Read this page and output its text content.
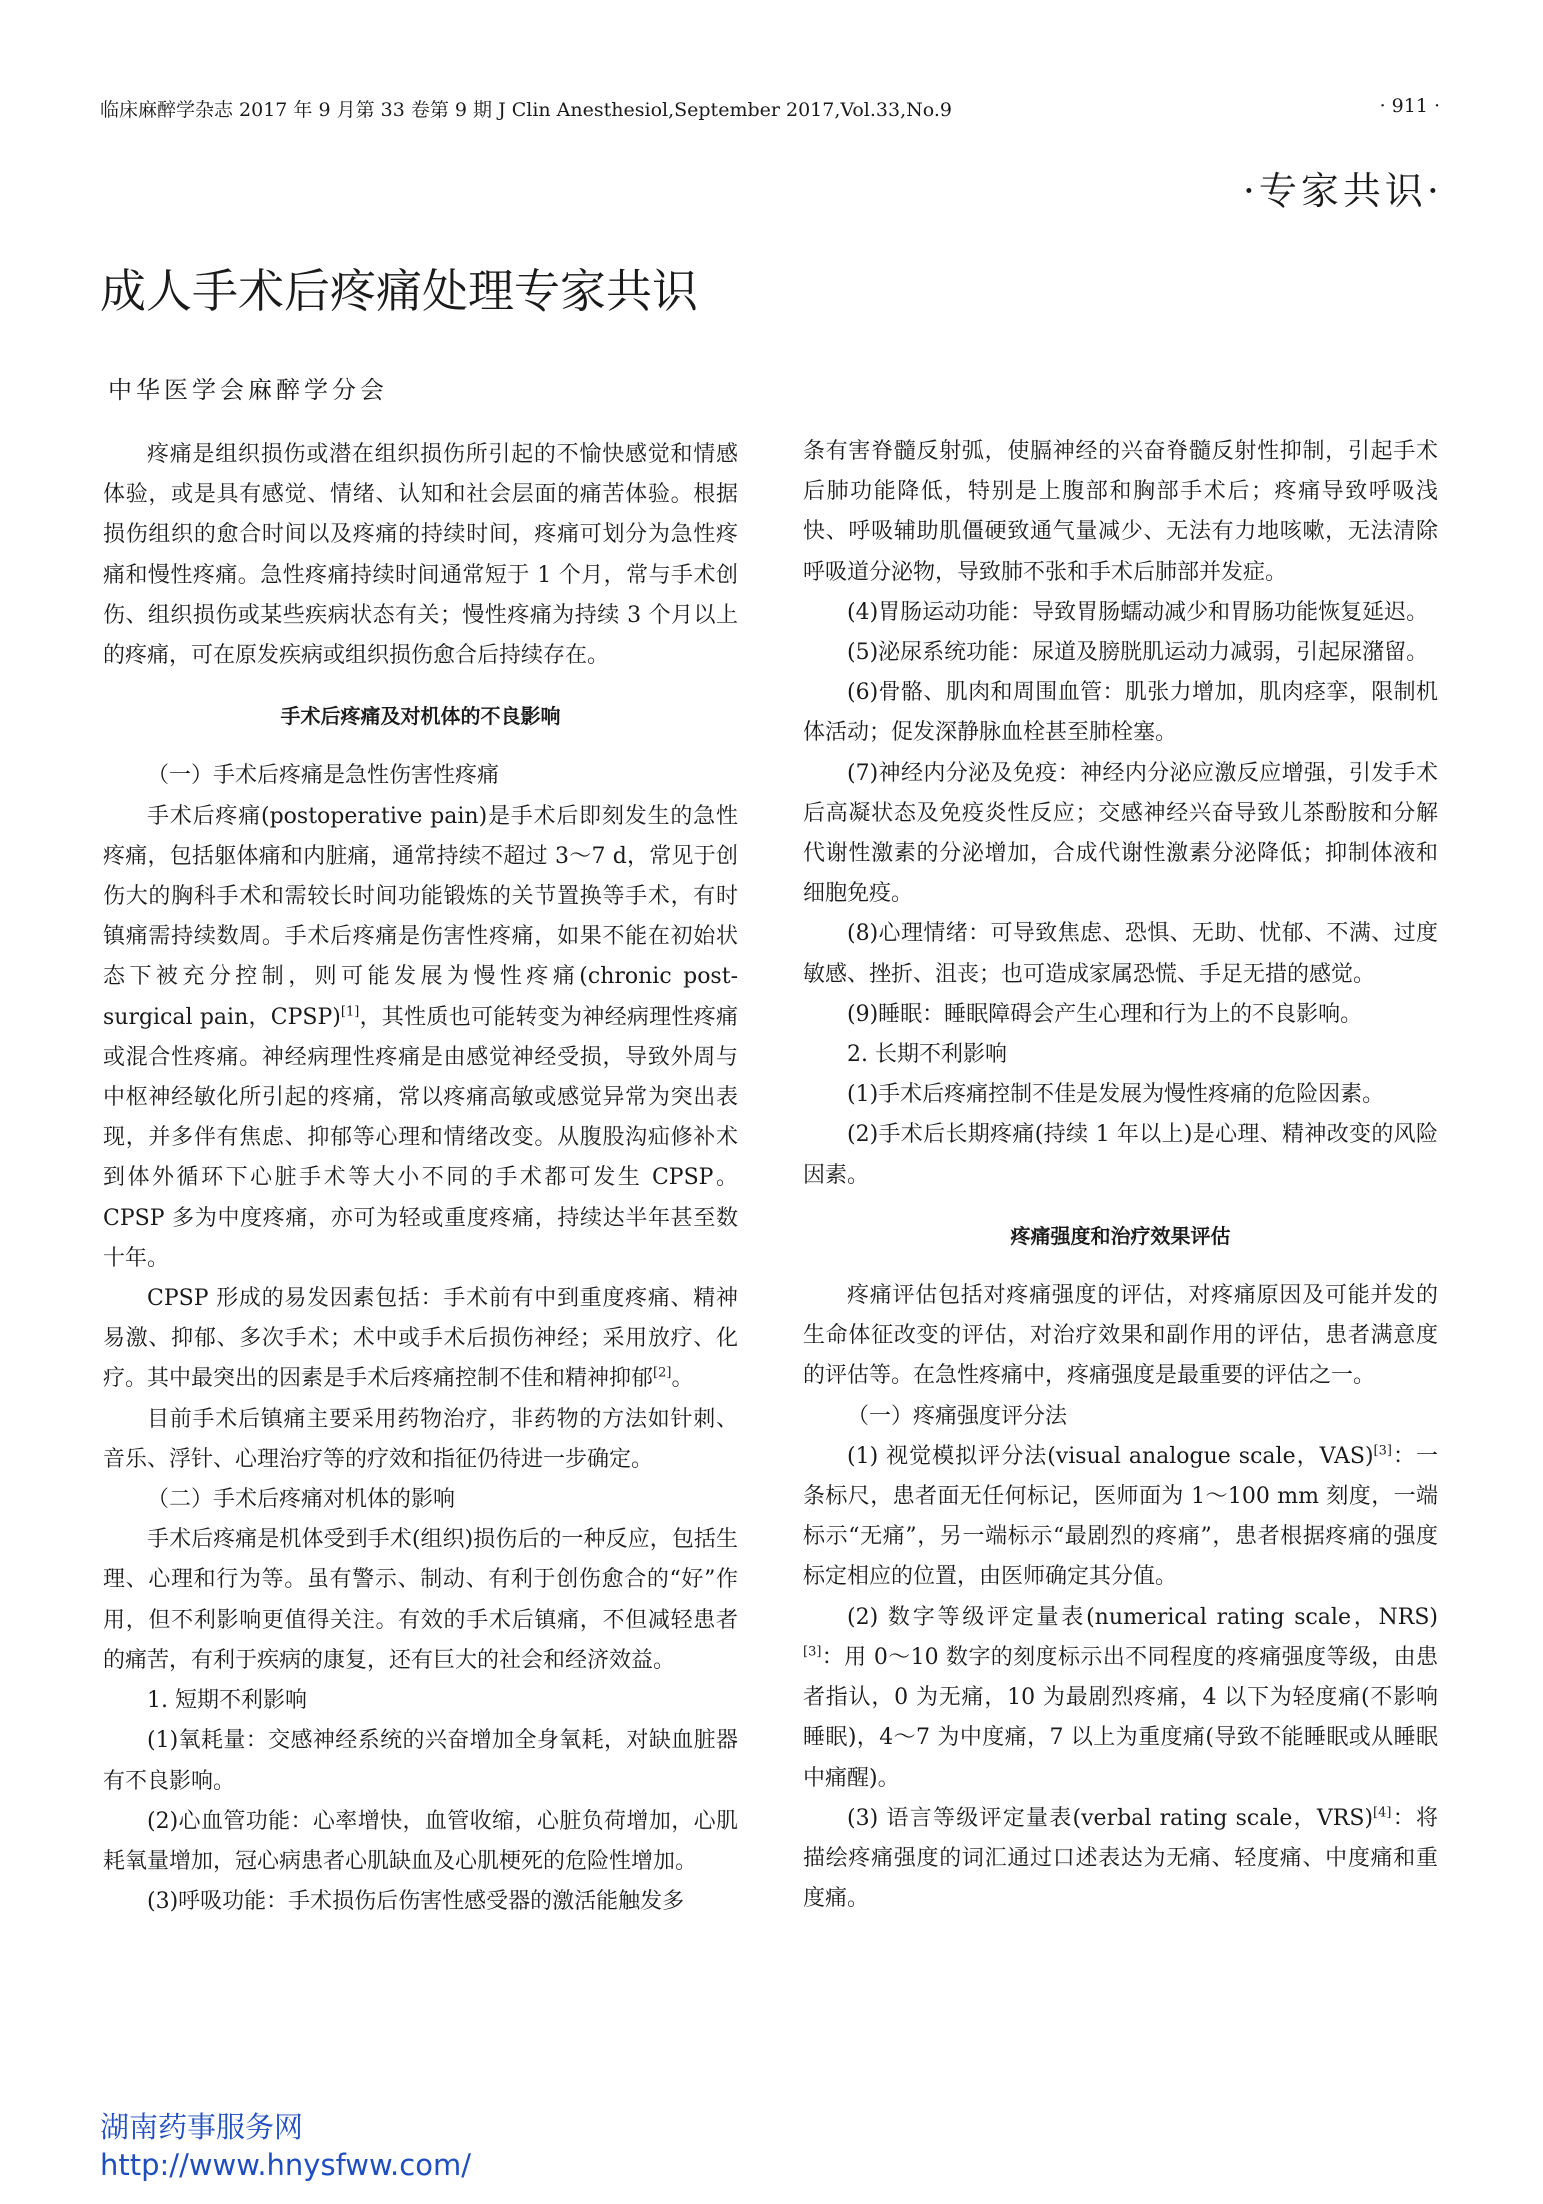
临床麻醉学杂志 2017 年 9 月第 33 卷第 9 期 J Clin Anesthesiol,September 2017,Vol.33,No.9	· 911 ·
·专家共识·
成人手术后疼痛处理专家共识
中华医学会麻醉学分会

疼痛是组织损伤或潜在组织损伤所引起的不愉快感觉和情感体验，或是具有感觉、情绪、认知和社会层面的痛苦体验。根据损伤组织的愈合时间以及疼痛的持续时间，疼痛可划分为急性疼痛和慢性疼痛。急性疼痛持续时间通常短于 1 个月，常与手术创伤、组织损伤或某些疾病状态有关；慢性疼痛为持续 3 个月以上的疼痛，可在原发疾病或组织损伤愈合后持续存在。

手术后疼痛及对机体的不良影响

（一）手术后疼痛是急性伤害性疼痛

手术后疼痛(postoperative pain)是手术后即刻发生的急性疼痛，包括躯体痛和内脏痛，通常持续不超过 3～7 d，常见于创伤大的胸科手术和需较长时间功能锻炼的关节置换等手术，有时镇痛需持续数周。手术后疼痛是伤害性疼痛，如果不能在初始状态下被充分控制，则可能发展为慢性疼痛(chronic post-surgical pain，CPSP)[1]，其性质也可能转变为神经病理性疼痛或混合性疼痛。神经病理性疼痛是由感觉神经受损，导致外周与中枢神经敏化所引起的疼痛，常以疼痛高敏或感觉异常为突出表现，并多伴有焦虑、抑郁等心理和情绪改变。从腹股沟疝修补术到体外循环下心脏手术等大小不同的手术都可发生 CPSP。CPSP 多为中度疼痛，亦可为轻或重度疼痛，持续达半年甚至数十年。

CPSP 形成的易发因素包括：手术前有中到重度疼痛、精神易激、抑郁、多次手术；术中或手术后损伤神经；采用放疗、化疗。其中最突出的因素是手术后疼痛控制不佳和精神抑郁[2]。

目前手术后镇痛主要采用药物治疗，非药物的方法如针刺、音乐、浮针、心理治疗等的疗效和指征仍待进一步确定。

（二）手术后疼痛对机体的影响

手术后疼痛是机体受到手术(组织)损伤后的一种反应，包括生理、心理和行为等。虽有警示、制动、有利于创伤愈合的“好”作用，但不利影响更值得关注。有效的手术后镇痛，不但减轻患者的痛苦，有利于疾病的康复，还有巨大的社会和经济效益。

1. 短期不利影响

(1)氧耗量：交感神经系统的兴奋增加全身氧耗，对缺血脏器有不良影响。

(2)心血管功能：心率增快，血管收缩，心脏负荷增加，心肌耗氧量增加，冠心病患者心肌缺血及心肌梗死的危险性增加。

(3)呼吸功能：手术损伤后伤害性感受器的激活能触发多

条有害脊髓反射弧，使膈神经的兴奋脊髓反射性抑制，引起手术后肺功能降低，特别是上腹部和胸部手术后；疼痛导致呼吸浅快、呼吸辅助肌僵硬致通气量减少、无法有力地咳嗽，无法清除呼吸道分泌物，导致肺不张和手术后肺部并发症。

(4)胃肠运动功能：导致胃肠蠕动减少和胃肠功能恢复延迟。

(5)泌尿系统功能：尿道及膀胱肌运动力减弱，引起尿潴留。

(6)骨骼、肌肉和周围血管：肌张力增加，肌肉痉挛，限制机体活动；促发深静脉血栓甚至肺栓塞。

(7)神经内分泌及免疫：神经内分泌应激反应增强，引发手术后高凝状态及免疫炎性反应；交感神经兴奋导致儿茶酚胺和分解代谢性激素的分泌增加，合成代谢性激素分泌降低；抑制体液和细胞免疫。

(8)心理情绪：可导致焦虑、恐惧、无助、忧郁、不满、过度敏感、挫折、沮丧；也可造成家属恐慌、手足无措的感觉。

(9)睡眠：睡眠障碍会产生心理和行为上的不良影响。

2. 长期不利影响

(1)手术后疼痛控制不佳是发展为慢性疼痛的危险因素。

(2)手术后长期疼痛(持续 1 年以上)是心理、精神改变的风险因素。

疼痛强度和治疗效果评估

疼痛评估包括对疼痛强度的评估，对疼痛原因及可能并发的生命体征改变的评估，对治疗效果和副作用的评估，患者满意度的评估等。在急性疼痛中，疼痛强度是最重要的评估之一。

（一）疼痛强度评分法

(1) 视觉模拟评分法(visual analogue scale，VAS)[3]：一条标尺，患者面无任何标记，医师面为 1～100 mm 刻度，一端标示“无痛”，另一端标示“最剧烈的疼痛”，患者根据疼痛的强度标定相应的位置，由医师确定其分值。

(2) 数字等级评定量表(numerical rating scale，NRS)[3]：用 0～10 数字的刻度标示出不同程度的疼痛强度等级，由患者指认，0 为无痛，10 为最剧烈疼痛，4 以下为轻度痛(不影响睡眠)，4～7 为中度痛，7 以上为重度痛(导致不能睡眠或从睡眠中痛醒)。

(3) 语言等级评定量表(verbal rating scale，VRS)[4]：将描绘疼痛强度的词汇通过口述表达为无痛、轻度痛、中度痛和重度痛。

湖南药事服务网
http://www.hnysfww.com/
